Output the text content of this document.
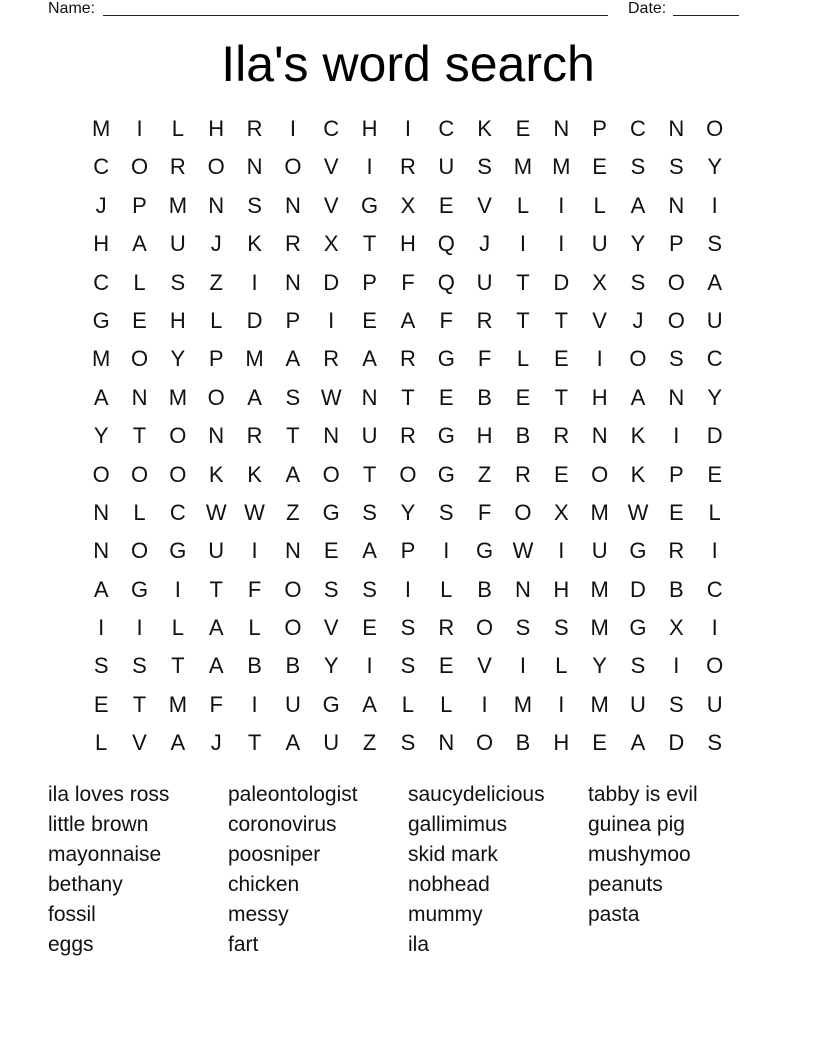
Name:	Date:
Ila's word search
M	I	L	H	R	I	C	H	I	C	K	E	N	P	C	N O
C O R O N O	V	I	R	U	S M M E	S	S	Y
J	P M N	S	N	V	G	X	E	V	L	I	L	A	N	I
H	A	U	J	K	R	X	T	H Q	J	I	I	U	Y	P	S
C	L	S	Z	I	N	D	P	F	Q U	T	D	X	S	O	A
G	E	H	L	D	P	I	E	A	F	R	T	T	V	J	O U
M O	Y	P M A	R	A	R G	F	L	E	I	O	S	C
A	N M O	A	S W N	T	E	B	E	T	H	A	N	Y
Y	T	O N	R	T	N	U	R G H	B	R	N	K	I	D
O O O	K	K	A	O	T	O G	Z	R	E	O	K	P	E
N	L	C W W Z	G	S	Y	S	F	O	X M W E	L
N O G U	I	N	E	A	P	I	G W	I	U G R	I
A	G	I	T	F	O	S	S	I	L	B	N	H M D	B	C
I	I	L	A	L	O	V	E	S	R O	S	S M G	X	I
S	S	T	A	B	B	Y	I	S	E	V	I	L	Y	S	I	O
E	T	M	F	I	U G	A	L	L	I	M	I	M U	S	U
L	V	A	J	T	A	U	Z	S	N O	B	H	E	A	D	S
ila loves ross
little brown
mayonnaise
bethany
fossil
eggs
paleontologist
coronovirus
poosniper
chicken
messy
fart
saucydelicious
gallimimus
skid mark
nobhead
mummy
ila
tabby is evil
guinea pig
mushymoo
peanuts
pasta
